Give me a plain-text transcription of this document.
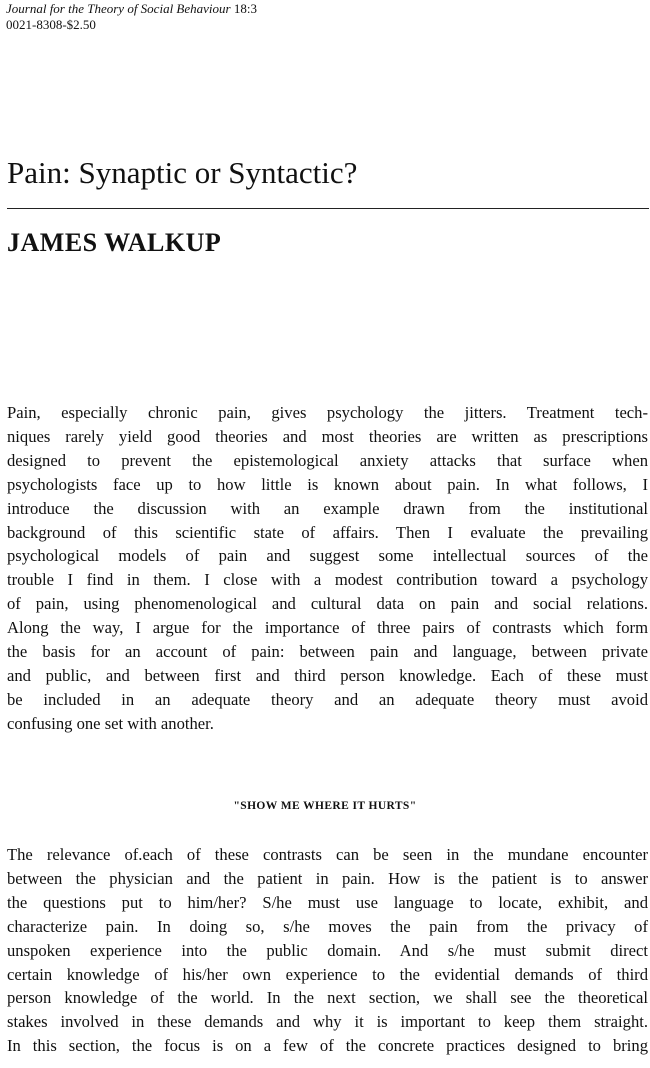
Journal for the Theory of Social Behaviour 18:3
0021-8308-$2.50
Pain: Synaptic or Syntactic?
JAMES WALKUP

Pain, especially chronic pain, gives psychology the jitters. Treatment tech-
niques rarely yield good theories and most theories are written as prescriptions
designed to prevent the epistemological anxiety attacks that surface when
psychologists face up to how little is known about pain. In what follows, I
introduce the discussion with an example drawn from the institutional
background of this scientific state of affairs. Then I evaluate the prevailing
psychological models of pain and suggest some intellectual sources of the
trouble I find in them. I close with a modest contribution toward a psychology
of pain, using phenomenological and cultural data on pain and social relations.
Along the way, I argue for the importance of three pairs of contrasts which form
the basis for an account of pain: between pain and language, between private
and public, and between first and third person knowledge. Each of these must
be included in an adequate theory and an adequate theory must avoid
confusing one set with another.

"SHOW ME WHERE IT HURTS"

The relevance of.each of these contrasts can be seen in the mundane encounter
between the physician and the patient in pain. How is the patient is to answer
the questions put to him/her? S/he must use language to locate, exhibit, and
characterize pain. In doing so, s/he moves the pain from the privacy of
unspoken experience into the public domain. And s/he must submit direct
certain knowledge of his/her own experience to the evidential demands of third
person knowledge of the world. In the next section, we shall see the theoretical
stakes involved in these demands and why it is important to keep them straight.
In this section, the focus is on a few of the concrete practices designed to bring
